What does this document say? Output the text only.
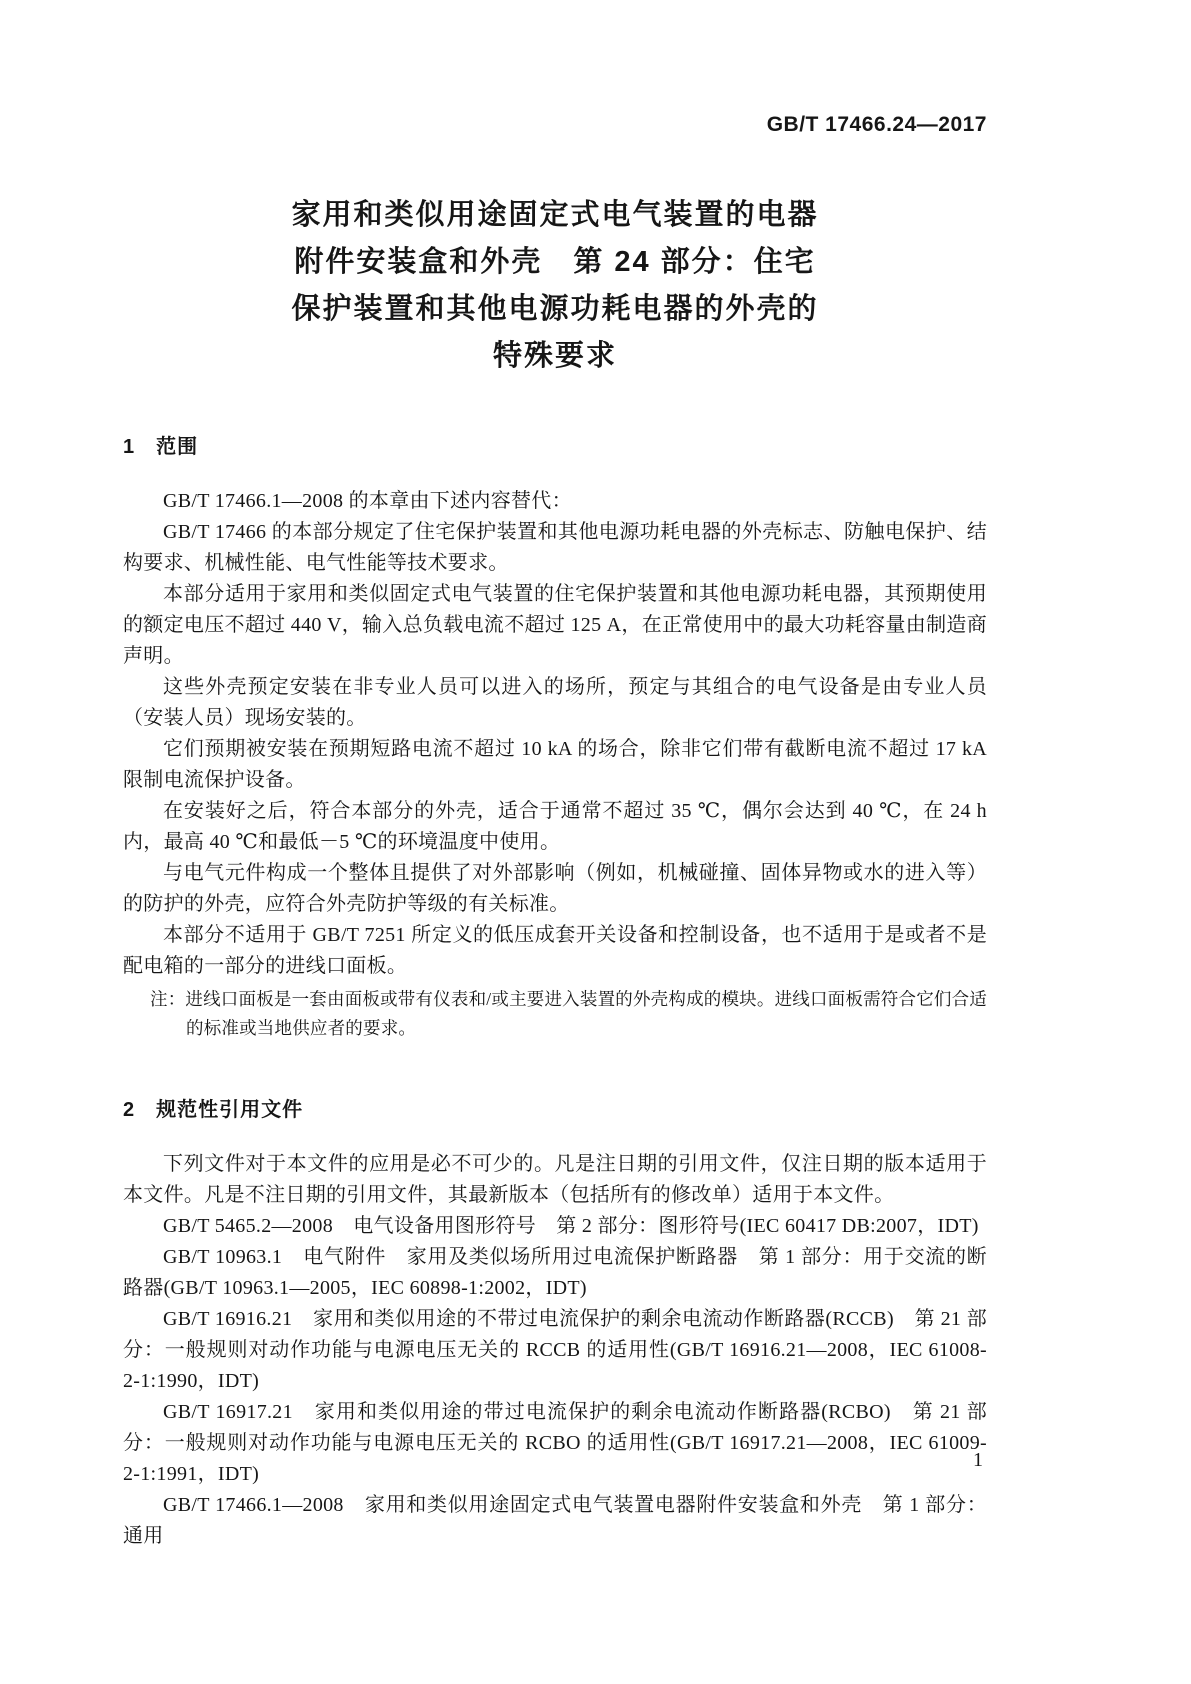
GB/T 17466.24—2017
家用和类似用途固定式电气装置的电器
附件安装盒和外壳　第 24 部分：住宅
保护装置和其他电源功耗电器的外壳的
特殊要求
1　范围

GB/T 17466.1—2008 的本章由下述内容替代：

GB/T 17466 的本部分规定了住宅保护装置和其他电源功耗电器的外壳标志、防触电保护、结构要求、机械性能、电气性能等技术要求。

本部分适用于家用和类似固定式电气装置的住宅保护装置和其他电源功耗电器，其预期使用的额定电压不超过 440 V，输入总负载电流不超过 125 A，在正常使用中的最大功耗容量由制造商声明。

这些外壳预定安装在非专业人员可以进入的场所，预定与其组合的电气设备是由专业人员（安装人员）现场安装的。

它们预期被安装在预期短路电流不超过 10 kA 的场合，除非它们带有截断电流不超过 17 kA 限制电流保护设备。

在安装好之后，符合本部分的外壳，适合于通常不超过 35 ℃，偶尔会达到 40 ℃，在 24 h 内，最高 40 ℃和最低－5 ℃的环境温度中使用。

与电气元件构成一个整体且提供了对外部影响（例如，机械碰撞、固体异物或水的进入等）的防护的外壳，应符合外壳防护等级的有关标准。

本部分不适用于 GB/T 7251 所定义的低压成套开关设备和控制设备，也不适用于是或者不是配电箱的一部分的进线口面板。

注：进线口面板是一套由面板或带有仪表和/或主要进入装置的外壳构成的模块。进线口面板需符合它们合适的标准或当地供应者的要求。

2　规范性引用文件

下列文件对于本文件的应用是必不可少的。凡是注日期的引用文件，仅注日期的版本适用于本文件。凡是不注日期的引用文件，其最新版本（包括所有的修改单）适用于本文件。

GB/T 5465.2—2008　电气设备用图形符号　第 2 部分：图形符号(IEC 60417 DB:2007，IDT)

GB/T 10963.1　电气附件　家用及类似场所用过电流保护断路器　第 1 部分：用于交流的断路器(GB/T 10963.1—2005，IEC 60898-1:2002，IDT)

GB/T 16916.21　家用和类似用途的不带过电流保护的剩余电流动作断路器(RCCB)　第 21 部分：一般规则对动作功能与电源电压无关的 RCCB 的适用性(GB/T 16916.21—2008，IEC 61008-2-1:1990，IDT)

GB/T 16917.21　家用和类似用途的带过电流保护的剩余电流动作断路器(RCBO)　第 21 部分：一般规则对动作功能与电源电压无关的 RCBO 的适用性(GB/T 16917.21—2008，IEC 61009-2-1:1991，IDT)

GB/T 17466.1—2008　家用和类似用途固定式电气装置电器附件安装盒和外壳　第 1 部分：通用

1
